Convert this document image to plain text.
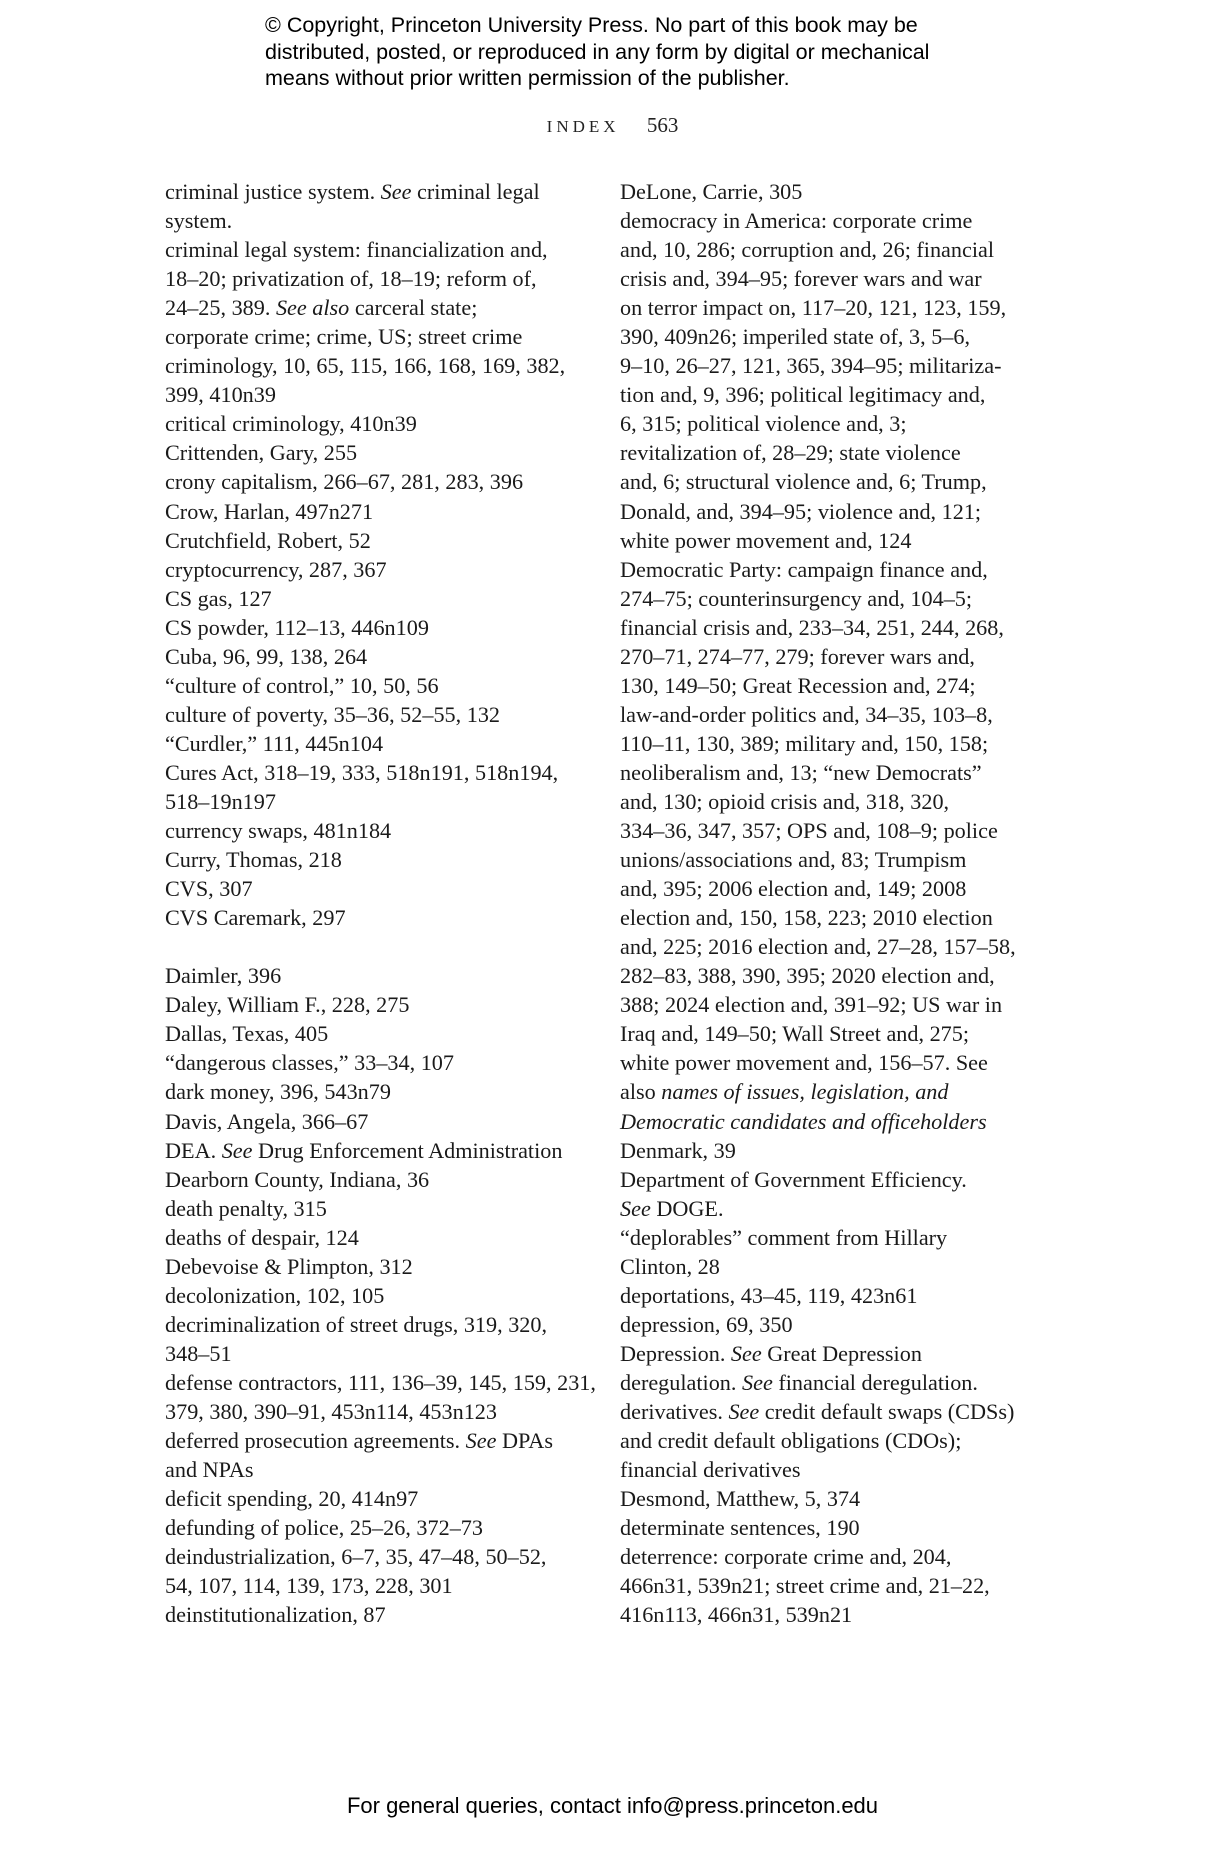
© Copyright, Princeton University Press. No part of this book may be
distributed, posted, or reproduced in any form by digital or mechanical
means without prior written permission of the publisher.
INDEX 563
criminal justice system. See criminal legal
system.
criminal legal system: financialization and,
18–20; privatization of, 18–19; reform of,
24–25, 389. See also carceral state;
corporate crime; crime, US; street crime
criminology, 10, 65, 115, 166, 168, 169, 382,
399, 410n39
critical criminology, 410n39
Crittenden, Gary, 255
crony capitalism, 266–67, 281, 283, 396
Crow, Harlan, 497n271
Crutchfield, Robert, 52
cryptocurrency, 287, 367
CS gas, 127
CS powder, 112–13, 446n109
Cuba, 96, 99, 138, 264
“culture of control,” 10, 50, 56
culture of poverty, 35–36, 52–55, 132
“Curdler,” 111, 445n104
Cures Act, 318–19, 333, 518n191, 518n194,
518–19n197
currency swaps, 481n184
Curry, Thomas, 218
CVS, 307
CVS Caremark, 297
Daimler, 396
Daley, William F., 228, 275
Dallas, Texas, 405
“dangerous classes,” 33–34, 107
dark money, 396, 543n79
Davis, Angela, 366–67
DEA. See Drug Enforcement Administration
Dearborn County, Indiana, 36
death penalty, 315
deaths of despair, 124
Debevoise & Plimpton, 312
decolonization, 102, 105
decriminalization of street drugs, 319, 320,
348–51
defense contractors, 111, 136–39, 145, 159, 231,
379, 380, 390–91, 453n114, 453n123
deferred prosecution agreements. See DPAs
and NPAs
deficit spending, 20, 414n97
defunding of police, 25–26, 372–73
deindustrialization, 6–7, 35, 47–48, 50–52,
54, 107, 114, 139, 173, 228, 301
deinstitutionalization, 87
DeLone, Carrie, 305
democracy in America: corporate crime
and, 10, 286; corruption and, 26; financial
crisis and, 394–95; forever wars and war
on terror impact on, 117–20, 121, 123, 159,
390, 409n26; imperiled state of, 3, 5–6,
9–10, 26–27, 121, 365, 394–95; militariza-
tion and, 9, 396; political legitimacy and,
6, 315; political violence and, 3;
revitalization of, 28–29; state violence
and, 6; structural violence and, 6; Trump,
Donald, and, 394–95; violence and, 121;
white power movement and, 124
Democratic Party: campaign finance and,
274–75; counterinsurgency and, 104–5;
financial crisis and, 233–34, 251, 244, 268,
270–71, 274–77, 279; forever wars and,
130, 149–50; Great Recession and, 274;
law-and-order politics and, 34–35, 103–8,
110–11, 130, 389; military and, 150, 158;
neoliberalism and, 13; “new Democrats”
and, 130; opioid crisis and, 318, 320,
334–36, 347, 357; OPS and, 108–9; police
unions/associations and, 83; Trumpism
and, 395; 2006 election and, 149; 2008
election and, 150, 158, 223; 2010 election
and, 225; 2016 election and, 27–28, 157–58,
282–83, 388, 390, 395; 2020 election and,
388; 2024 election and, 391–92; US war in
Iraq and, 149–50; Wall Street and, 275;
white power movement and, 156–57. See
also names of issues, legislation, and
Democratic candidates and officeholders
Denmark, 39
Department of Government Efficiency.
See DOGE.
“deplorables” comment from Hillary
Clinton, 28
deportations, 43–45, 119, 423n61
depression, 69, 350
Depression. See Great Depression
deregulation. See financial deregulation.
derivatives. See credit default swaps (CDSs)
and credit default obligations (CDOs);
financial derivatives
Desmond, Matthew, 5, 374
determinate sentences, 190
deterrence: corporate crime and, 204,
466n31, 539n21; street crime and, 21–22,
416n113, 466n31, 539n21
For general queries, contact info@press.princeton.edu
